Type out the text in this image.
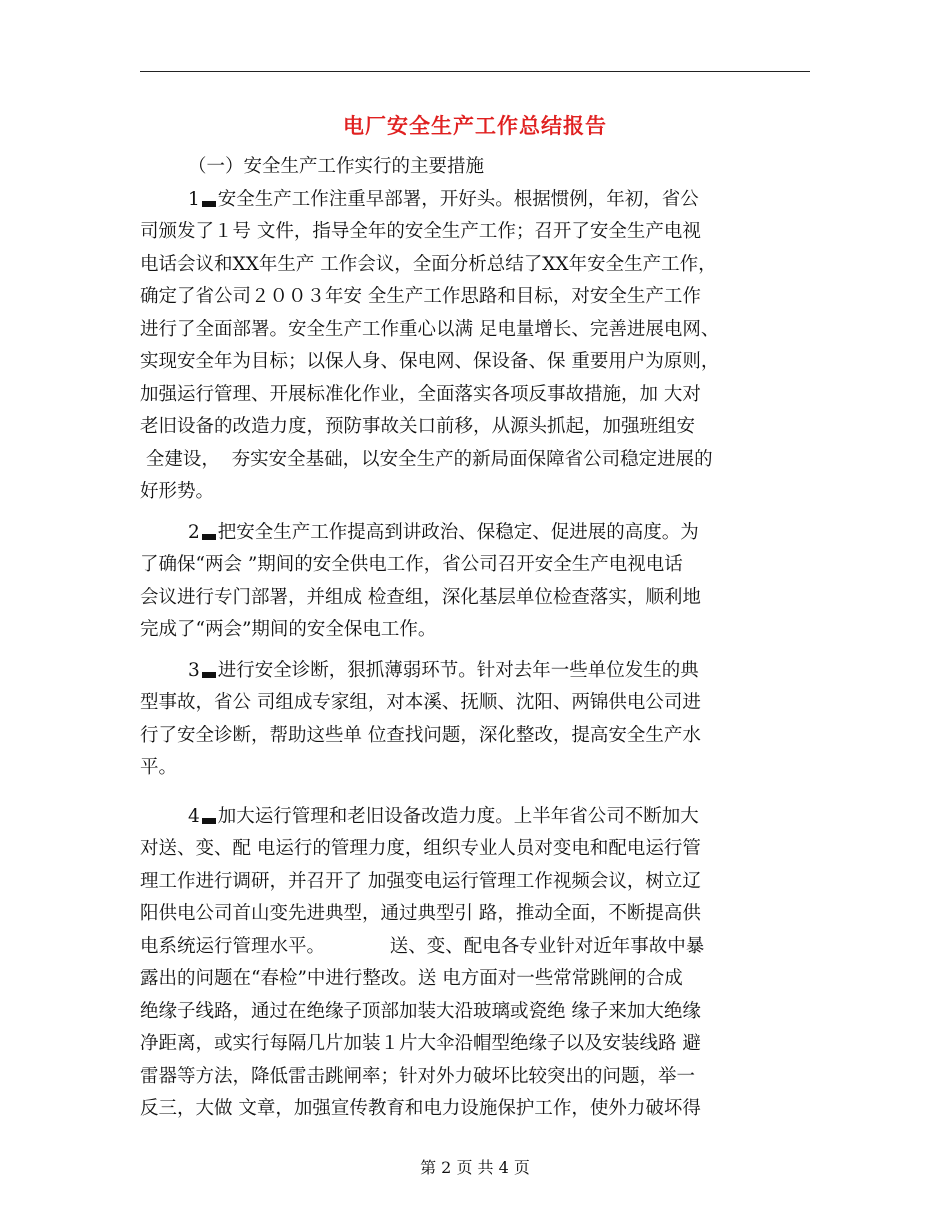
电厂安全生产工作总结报告
（一）安全生产工作实行的主要措施
1 安全生产工作注重早部署，开好头。根据惯例，年初，省公
司颁发了１号 文件，指导全年的安全生产工作；召开了安全生产电视
电话会议和XX年生产 工作会议，全面分析总结了XX年安全生产工作，
确定了省公司２００３年安 全生产工作思路和目标，对安全生产工作
进行了全面部署。安全生产工作重心以满 足电量增长、完善进展电网、
实现安全年为目标；以保人身、保电网、保设备、保 重要用户为原则，
加强运行管理、开展标准化作业，全面落实各项反事故措施，加 大对
老旧设备的改造力度，预防事故关口前移，从源头抓起，加强班组安
全建设，  夯实安全基础，以安全生产的新局面保障省公司稳定进展的
好形势。
2 把安全生产工作提高到讲政治、保稳定、促进展的高度。为
了确保“两会 ”期间的安全供电工作，省公司召开安全生产电视电话
会议进行专门部署，并组成 检查组，深化基层单位检查落实，顺利地
完成了“两会”期间的安全保电工作。
3 进行安全诊断，狠抓薄弱环节。针对去年一些单位发生的典
型事故，省公 司组成专家组，对本溪、抚顺、沈阳、两锦供电公司进
行了安全诊断，帮助这些单 位查找问题，深化整改，提高安全生产水
平。
4 加大运行管理和老旧设备改造力度。上半年省公司不断加大
对送、变、配 电运行的管理力度，组织专业人员对变电和配电运行管
理工作进行调研，并召开了 加强变电运行管理工作视频会议，树立辽
阳供电公司首山变先进典型，通过典型引 路，推动全面，不断提高供
电系统运行管理水平。           送、变、配电各专业针对近年事故中暴
露出的问题在“春检”中进行整改。送 电方面对一些常常跳闸的合成
绝缘子线路，通过在绝缘子顶部加装大沿玻璃或瓷绝 缘子来加大绝缘
净距离，或实行每隔几片加装１片大伞沿帽型绝缘子以及安装线路 避
雷器等方法，降低雷击跳闸率；针对外力破坏比较突出的问题，举一
反三，大做 文章，加强宣传教育和电力设施保护工作，使外力破坏得
第 2 页 共 4 页
